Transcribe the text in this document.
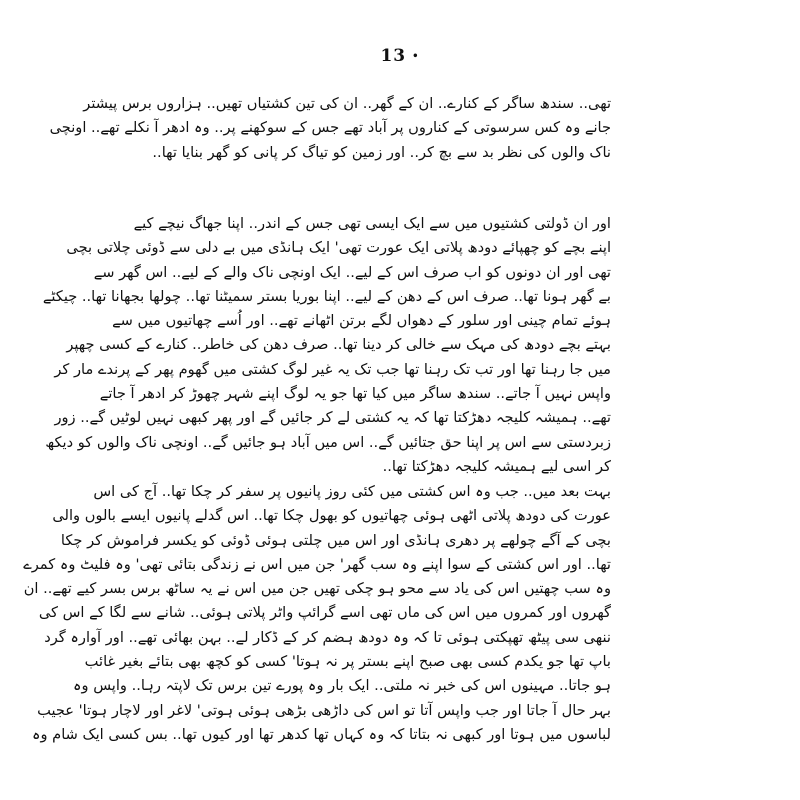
13 •
تھی.. سندھ ساگر کے کنارے.. ان کے گھر.. ان کی تین کشتیاں تھیں.. ہزاروں برس پیشتر
جانے وہ کس سرسوتی کے کناروں پر آباد تھے جس کے سوکھنے پر.. وہ ادھر آ نکلے تھے.. اونچی
ناک والوں کی نظر بد سے بچ کر.. اور زمین کو تیاگ کر پانی کو گھر بنایا تھا..
اور ان ڈولتی کشتیوں میں سے ایک ایسی تھی جس کے اندر.. اپنا جھاگ نیچے کیے
اپنے بچے کو چھپائے دودھ پلاتی ایک عورت تھی' ایک ہانڈی میں بے دلی سے ڈوئی چلاتی بچی
تھی اور ان دونوں کو اب صرف اس کے لیے.. ایک اونچی ناک والے کے لیے.. اس گھر سے
بے گھر ہونا تھا.. صرف اس کے دھن کے لیے.. اپنا بوریا بستر سمیٹنا تھا.. چولھا بجھانا تھا.. چیکٹے
ہوئے تمام چینی اور سلور کے دھواں لگے برتن اٹھانے تھے.. اور اُسے چھاتیوں میں سے
بہتے بچے دودھ کی مہک سے خالی کر دینا تھا.. صرف دھن کی خاطر.. کنارے کے کسی چھپر
میں جا رہنا تھا اور تب تک رہنا تھا جب تک یہ غیر لوگ کشتی میں گھوم پھر کے پرندے مار کر
واپس نہیں آ جاتے.. سندھ ساگر میں کیا تھا جو یہ لوگ اپنے شہر چھوڑ کر ادھر آ جاتے
تھے.. ہمیشہ کلیجہ دھڑکتا تھا کہ یہ کشتی لے کر جائیں گے اور پھر کبھی نہیں لوٹیں گے.. زور
زبردستی سے اس پر اپنا حق جتائیں گے.. اس میں آباد ہو جائیں گے.. اونچی ناک والوں کو دیکھ
کر اسی لیے ہمیشہ کلیجہ دھڑکتا تھا..
بہت بعد میں.. جب وہ اس کشتی میں کئی روز پانیوں پر سفر کر چکا تھا.. آج کی اس
عورت کی دودھ پلاتی اٹھی ہوئی چھاتیوں کو بھول چکا تھا.. اس گدلے پانیوں ایسے بالوں والی
بچی کے آگے چولھے پر دھری ہانڈی اور اس میں چلتی ہوئی ڈوئی کو یکسر فراموش کر چکا
تھا.. اور اس کشتی کے سوا اپنے وہ سب گھر' جن میں اس نے زندگی بتائی تھی' وہ فلیٹ وہ کمرے
وہ سب چھتیں اس کی یاد سے محو ہو چکی تھیں جن میں اس نے یہ ساٹھ برس بسر کیے تھے.. ان
گھروں اور کمروں میں اس کی ماں تھی اسے گرائپ واٹر پلاتی ہوئی.. شانے سے لگا کے اس کی
ننھی سی پیٹھ تھپکتی ہوئی تا کہ وہ دودھ ہضم کر کے ڈکار لے.. بہن بھائی تھے.. اور آوارہ گرد
باپ تھا جو یکدم کسی بھی صبح اپنے بستر پر نہ ہوتا' کسی کو کچھ بھی بتائے بغیر غائب
ہو جاتا.. مہینوں اس کی خبر نہ ملتی.. ایک بار وہ پورے تین برس تک لاپتہ رہا.. واپس وہ
بہر حال آ جاتا اور جب واپس آتا تو اس کی داڑھی بڑھی ہوئی ہوتی' لاغر اور لاچار ہوتا' عجیب
لباسوں میں ہوتا اور کبھی نہ بتاتا کہ وہ کہاں تھا کدھر تھا اور کیوں تھا.. بس کسی ایک شام وہ
